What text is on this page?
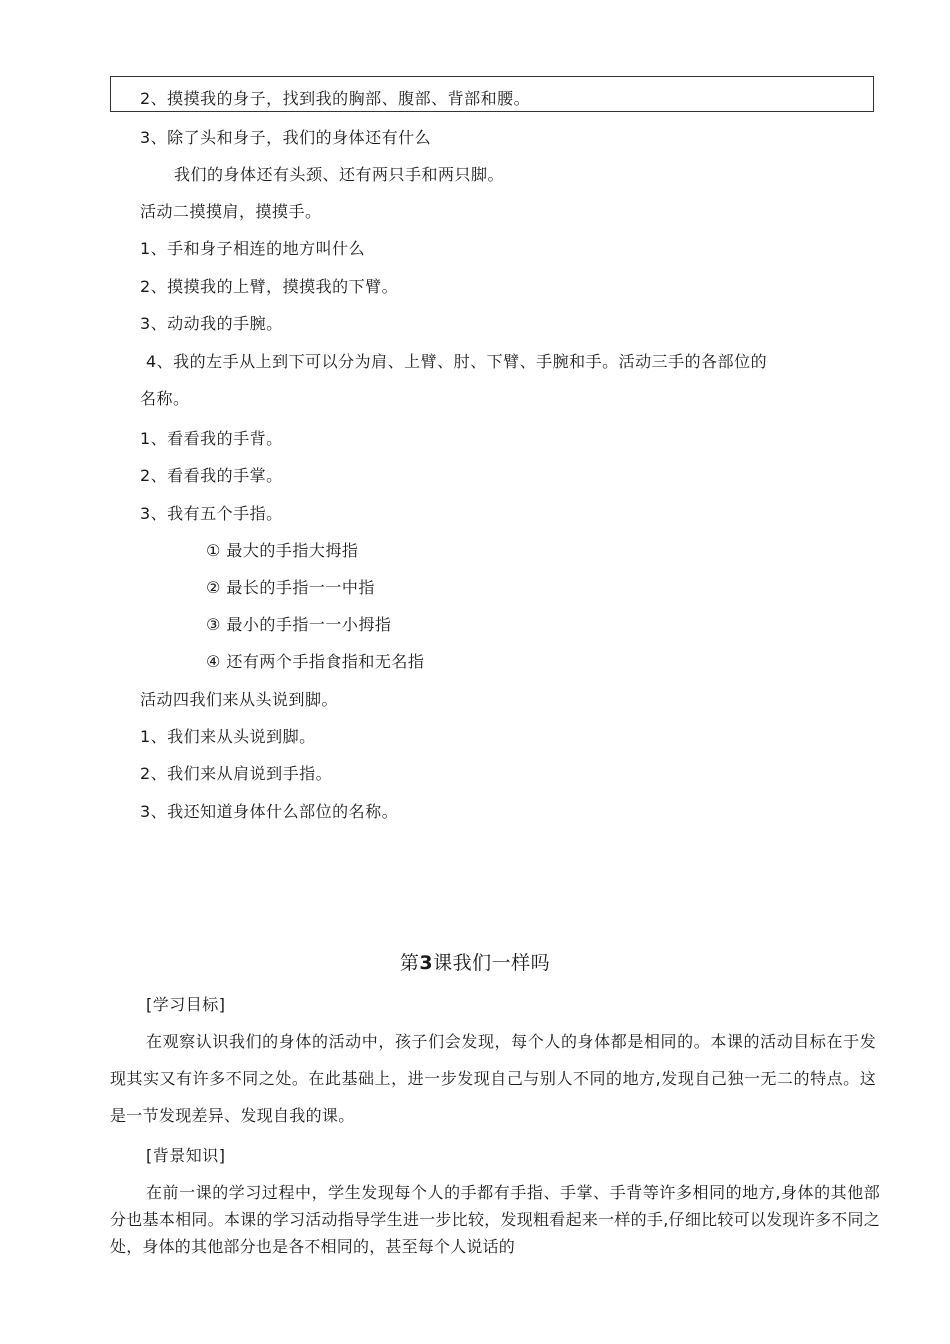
2、摸摸我的身子，找到我的胸部、腹部、背部和腰。
3、除了头和身子，我们的身体还有什么
我们的身体还有头颈、还有两只手和两只脚。
活动二摸摸肩，摸摸手。
1、手和身子相连的地方叫什么
2、摸摸我的上臂，摸摸我的下臂。
3、动动我的手腕。
4、我的左手从上到下可以分为肩、上臂、肘、下臂、手腕和手。活动三手的各部位的
名称。
1、看看我的手背。
2、看看我的手掌。
3、我有五个手指。
① 最大的手指大拇指
② 最长的手指一一中指
③ 最小的手指一一小拇指
④ 还有两个手指食指和无名指
活动四我们来从头说到脚。
1、我们来从头说到脚。
2、我们来从肩说到手指。
3、我还知道身体什么部位的名称。
第3课我们一样吗
[学习目标]
在观察认识我们的身体的活动中，孩子们会发现，每个人的身体都是相同的。本课的活动目标在于发现其实又有许多不同之处。在此基础上，进一步发现自己与别人不同的地方,发现自己独一无二的特点。这是一节发现差异、发现自我的课。
[背景知识]
在前一课的学习过程中，学生发现每个人的手都有手指、手掌、手背等许多相同的地方,身体的其他部分也基本相同。本课的学习活动指导学生进一步比较，发现粗看起来一样的手,仔细比较可以发现许多不同之处，身体的其他部分也是各不相同的，甚至每个人说话的
